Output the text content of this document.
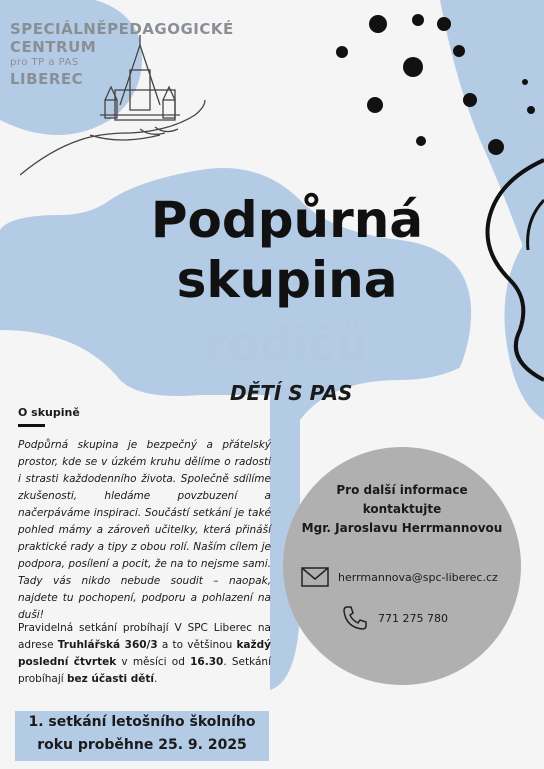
SPECIÁLNĚPEDAGOGICKÉ
CENTRUM
pro TP a PAS
LIBEREC
Podpůrná
skupina
rodičů
DĚTÍ S PAS
O skupině
Podpůrná skupina je bezpečný a přátelský prostor, kde se v úzkém kruhu dělíme o radosti i strasti každodenního života. Společně sdílíme zkušenosti, hledáme povzbuzení a načerpáváme inspiraci. Součástí setkání je také pohled mámy a zároveň učitelky, která přináší praktické rady a tipy z obou rolí. Naším cílem je podpora, posílení a pocit, že na to nejsme sami. Tady vás nikdo nebude soudit – naopak, najdete tu pochopení, podporu a pohlazení na duši!
Pravidelná setkání probíhají V SPC Liberec na adrese Truhlářská 360/3 a to většinou každý poslední čtvrtek v měsíci od 16.30. Setkání probíhají bez účasti dětí.
Pro další informace
kontaktujte
Mgr. Jaroslavu Herrmannovou
herrmannova@spc-liberec.cz
771 275 780
1. setkání letošního školního
roku proběhne 25. 9. 2025
